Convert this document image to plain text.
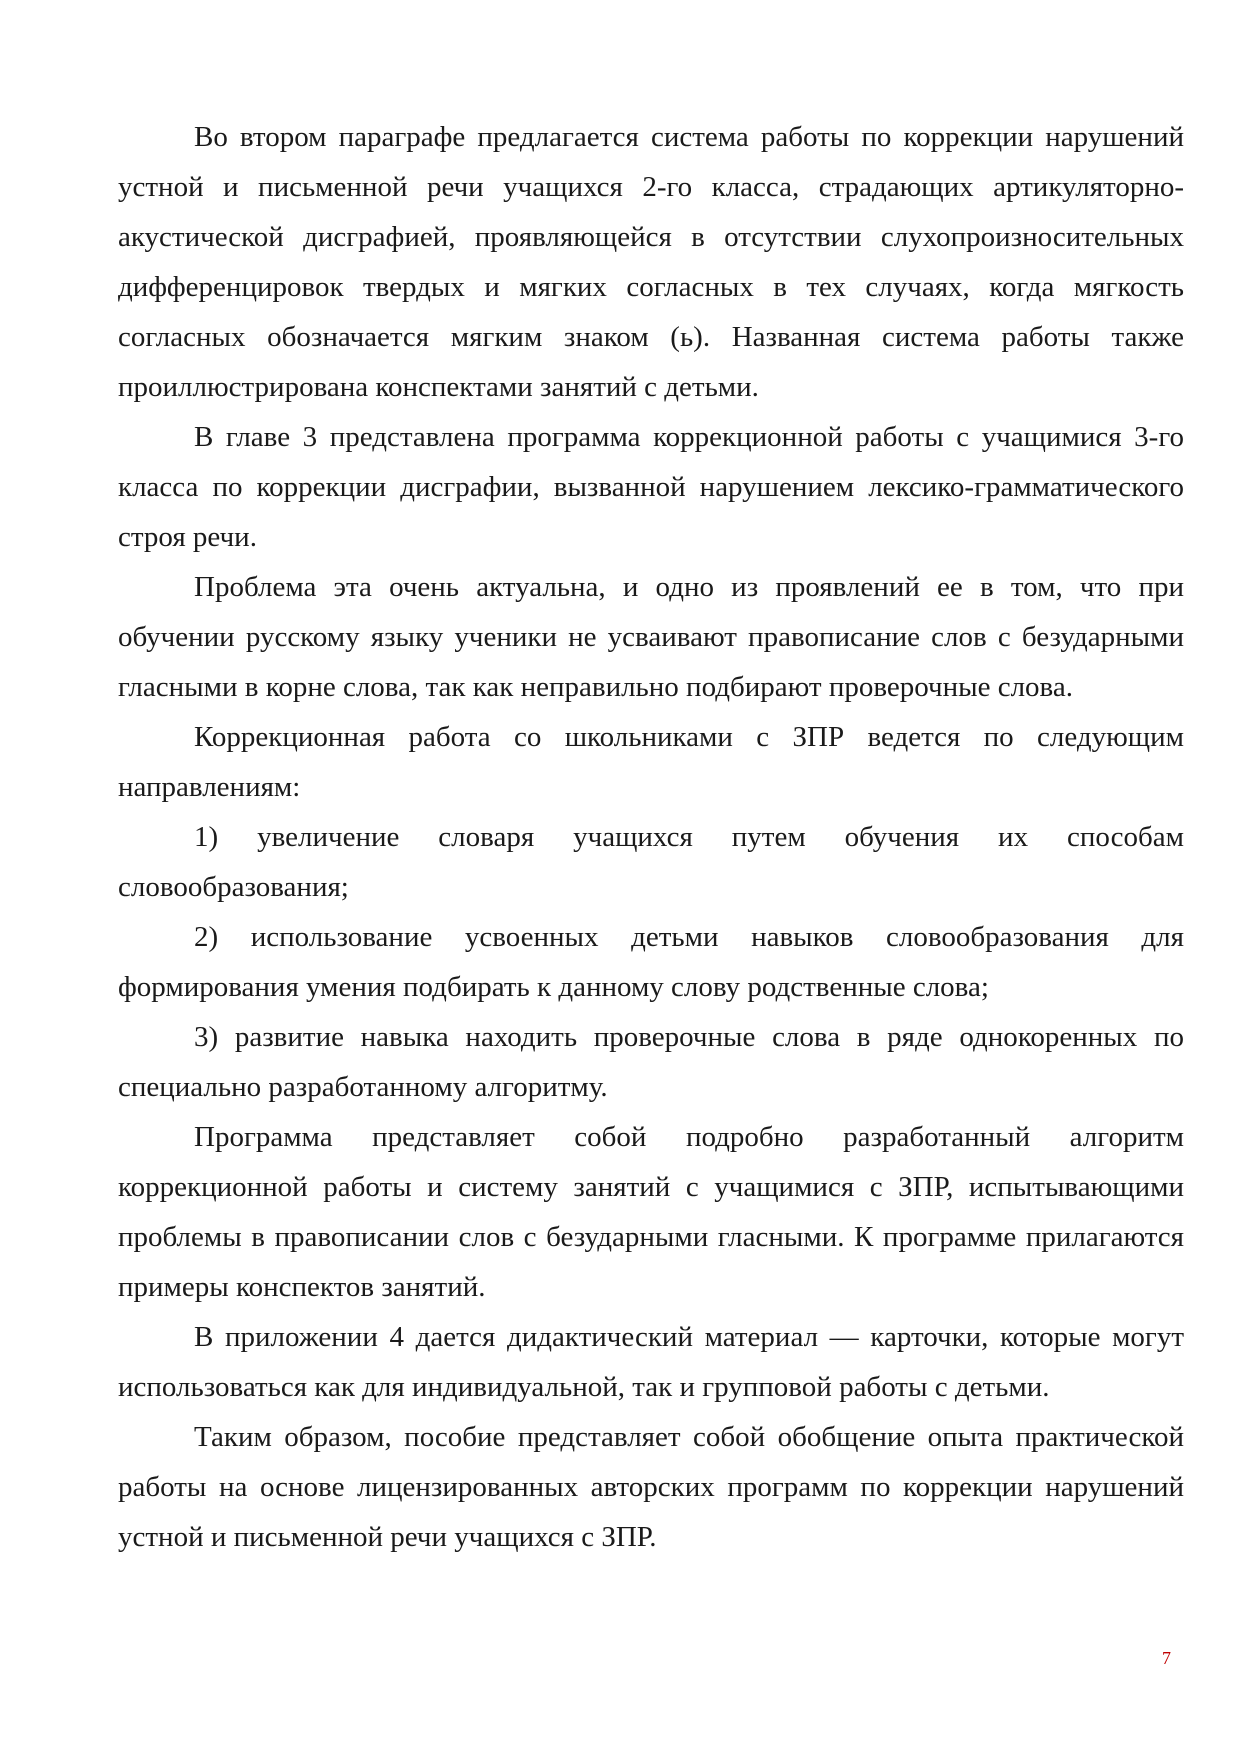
Во втором параграфе предлагается система работы по коррекции нарушений устной и письменной речи учащихся 2-го класса, страдающих артикуляторно-акустической дисграфией, проявляющейся в отсутствии слухопроизносительных дифференцировок твердых и мягких согласных в тех случаях, когда мягкость согласных обозначается мягким знаком (ь). Названная система работы также проиллюстрирована конспектами занятий с детьми.

В главе 3 представлена программа коррекционной работы с учащимися 3-го класса по коррекции дисграфии, вызванной нарушением лексико-грамматического строя речи.

Проблема эта очень актуальна, и одно из проявлений ее в том, что при обучении русскому языку ученики не усваивают правописание слов с безударными гласными в корне слова, так как неправильно подбирают проверочные слова.

Коррекционная работа со школьниками с ЗПР ведется по следующим направлениям:

1) увеличение словаря учащихся путем обучения их способам словообразования;

2) использование усвоенных детьми навыков словообразования для формирования умения подбирать к данному слову родственные слова;

3) развитие навыка находить проверочные слова в ряде однокоренных по специально разработанному алгоритму.

Программа представляет собой подробно разработанный алгоритм коррекционной работы и систему занятий с учащимися с ЗПР, испытывающими проблемы в правописании слов с безударными гласными. К программе прилагаются примеры конспектов занятий.

В приложении 4 дается дидактический материал — карточки, которые могут использоваться как для индивидуальной, так и групповой работы с детьми.

Таким образом, пособие представляет собой обобщение опыта практической работы на основе лицензированных авторских программ по коррекции нарушений устной и письменной речи учащихся с ЗПР.

7
